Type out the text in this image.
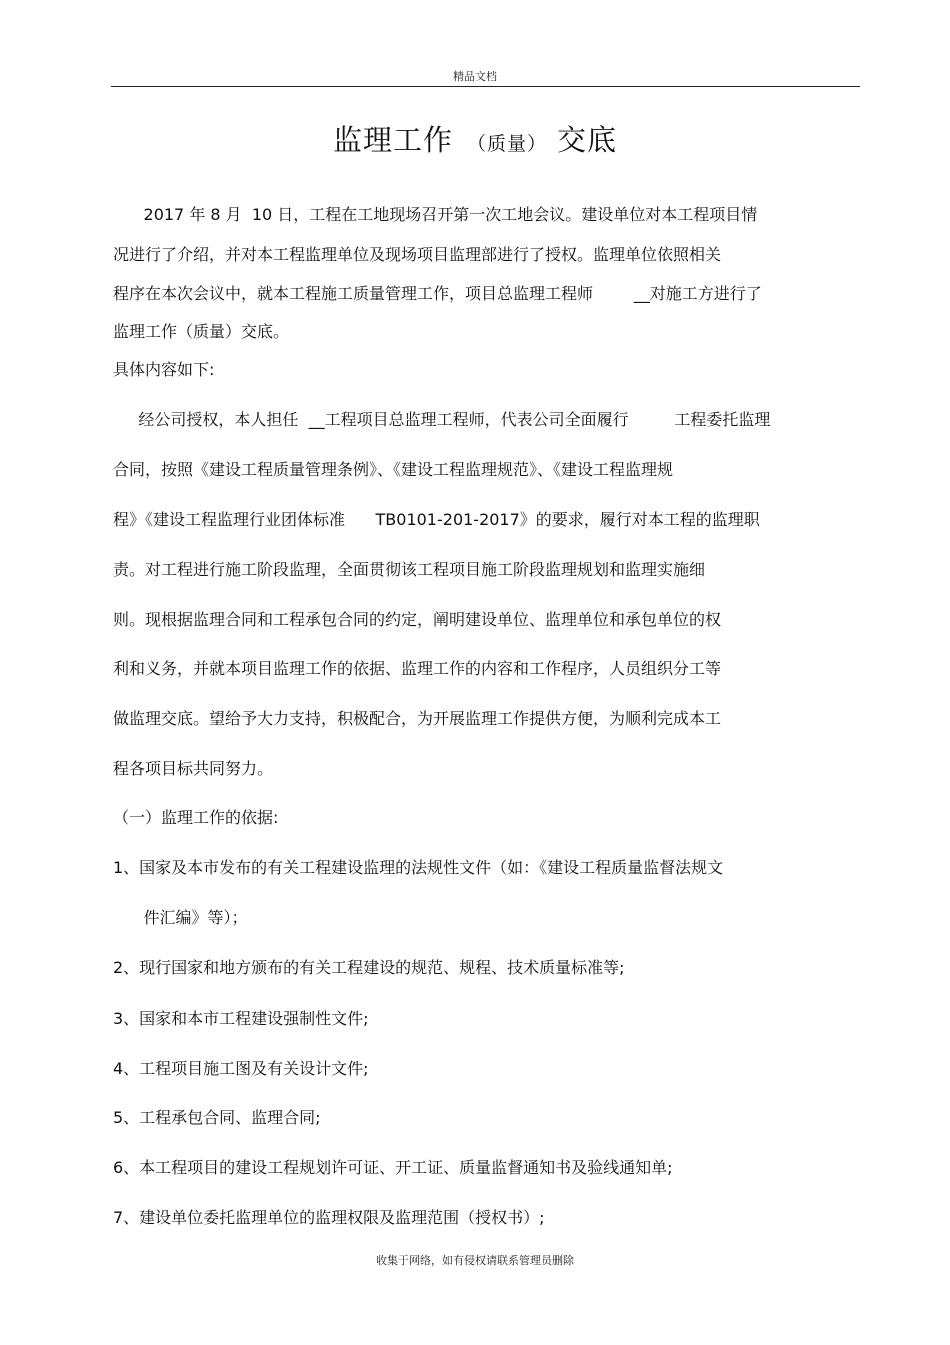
精品文档
监理工作 （质量） 交底
2017 年 8 月  10 日，工程在工地现场召开第一次工地会议。建设单位对本工程项目情
况进行了介绍，并对本工程监理单位及现场项目监理部进行了授权。监理单位依照相关
程序在本次会议中，就本工程施工质量管理工作，项目总监理工程师        __对施工方进行了
监理工作（质量）交底。
具体内容如下:
经公司授权，本人担任  __工程项目总监理工程师，代表公司全面履行         工程委托监理
合同，按照《建设工程质量管理条例》、《建设工程监理规范》、《建设工程监理规
程》《建设工程监理行业团体标准      TB0101-201-2017》的要求，履行对本工程的监理职
责。对工程进行施工阶段监理，全面贯彻该工程项目施工阶段监理规划和监理实施细
则。现根据监理合同和工程承包合同的约定，阐明建设单位、监理单位和承包单位的权
利和义务，并就本项目监理工作的依据、监理工作的内容和工作程序，人员组织分工等
做监理交底。望给予大力支持，积极配合，为开展监理工作提供方便，为顺利完成本工
程各项目标共同努力。
（一）监理工作的依据:
1、国家及本市发布的有关工程建设监理的法规性文件（如：《建设工程质量监督法规文
件汇编》等）；
2、现行国家和地方颁布的有关工程建设的规范、规程、技术质量标准等;
3、国家和本市工程建设强制性文件;
4、工程项目施工图及有关设计文件;
5、工程承包合同、监理合同;
6、本工程项目的建设工程规划许可证、开工证、质量监督通知书及验线通知单;
7、建设单位委托监理单位的监理权限及监理范围（授权书）;
收集于网络，如有侵权请联系管理员删除
